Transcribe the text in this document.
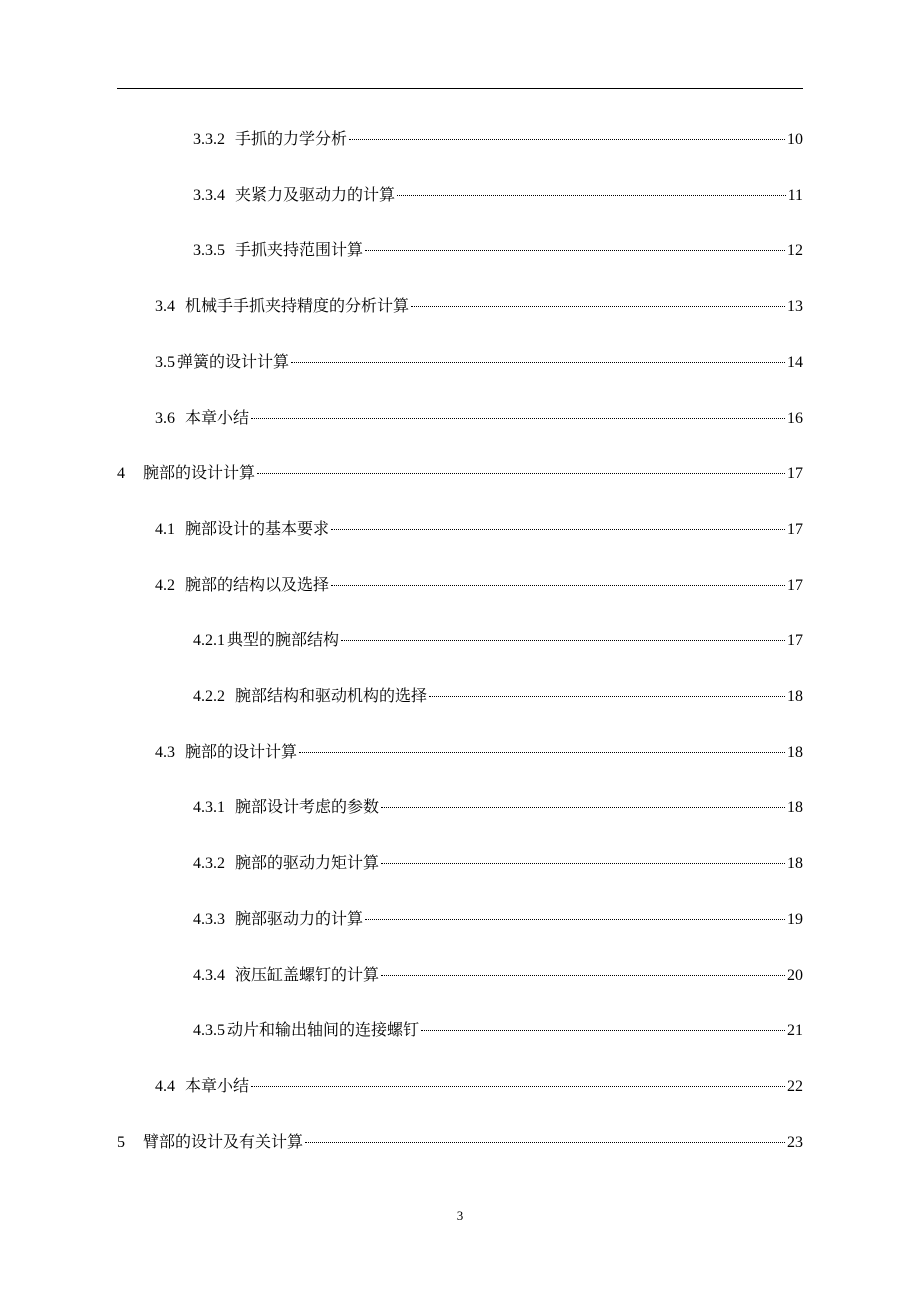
3.3.2 手抓的力学分析	10
3.3.4 夹紧力及驱动力的计算	11
3.3.5 手抓夹持范围计算	12
3.4 机械手手抓夹持精度的分析计算	13
3.5 弹簧的设计计算	14
3.6 本章小结	16
4 腕部的设计计算	17
4.1 腕部设计的基本要求	17
4.2 腕部的结构以及选择	17
4.2.1 典型的腕部结构	17
4.2.2 腕部结构和驱动机构的选择	18
4.3 腕部的设计计算	18
4.3.1 腕部设计考虑的参数	18
4.3.2 腕部的驱动力矩计算	18
4.3.3 腕部驱动力的计算	19
4.3.4 液压缸盖螺钉的计算	20
4.3.5 动片和输出轴间的连接螺钉	21
4.4 本章小结	22
5 臂部的设计及有关计算	23
3
